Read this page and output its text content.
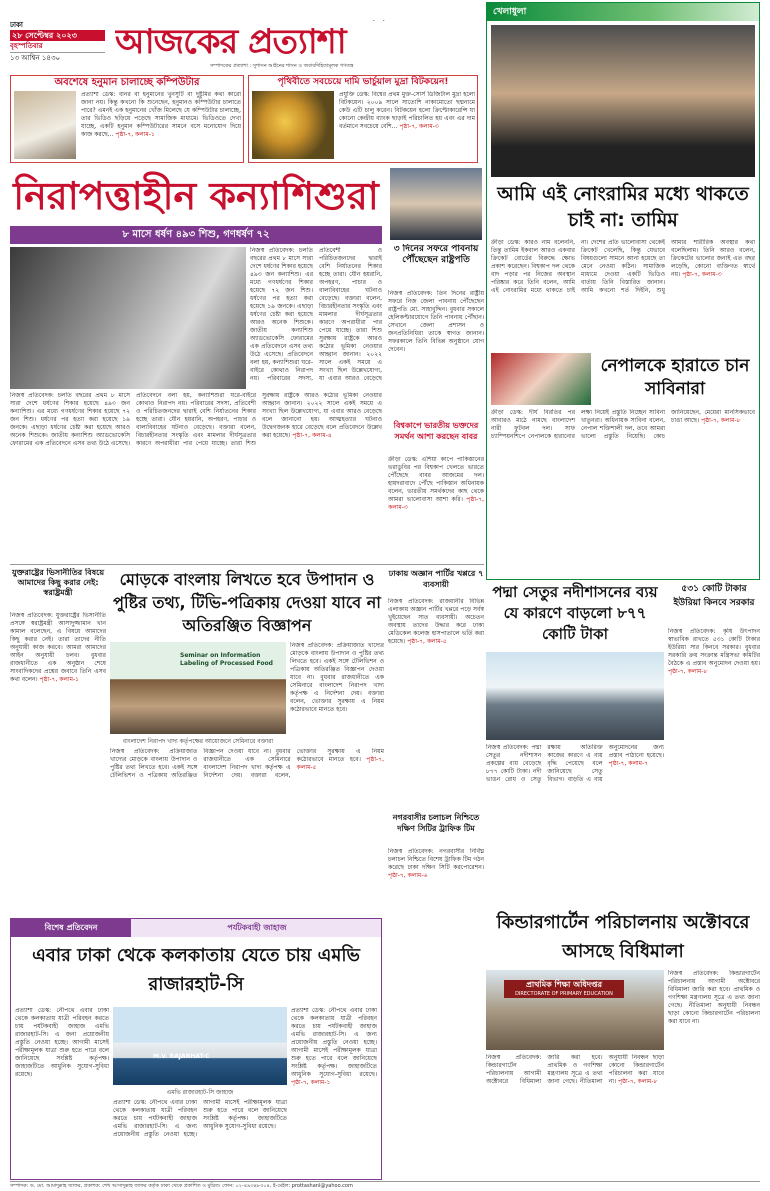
ঢাকা
২৮ সেপ্টেম্বর ২০২৩
বৃহস্পতিবার
১৩ আশ্বিন ১৪৩০	আজকের প্রত্যাশা
সম্পাদকের প্রত্যাশা : সুশাসন আইনের শাসন ও জবাবদিহিতামূলক গণতন্ত্র
অবশেষে হনুমান চালাচ্ছে কম্পিউটার
প্রত্যাশা ডেস্ক: বানর বা হনুমানের খুনসুটি বা দুষ্টুমির কথা কারো জানা নয়। কিন্তু কখনো কি শুনেছেন, হনুমানও কম্পিউটার চালাতে পারে? এমনই এক হনুমানের খোঁজ মিলেছে যে কম্পিউটার চালাচ্ছে, তার ভিডিও ছড়িয়ে পড়েছে সামাজিক মাধ্যমে। ভিডিওতে দেখা যাচ্ছে, একটি হনুমান কম্পিউটারের সামনে বসে মনোযোগ দিয়ে কাজ করছে... পৃষ্ঠা-৭, কলাম-১
পৃথিবীতে সবচেয়ে দামি ভার্চুয়াল মুদ্রা বিটকয়েন!
প্রযুক্তি ডেস্ক: বিশ্বের প্রথম মুক্ত-সোর্স ডিজিটাল মুদ্রা হলো বিটকয়েন। ২০০৯ সালে সাতোশি নাকামোতো ছদ্মনামে কেউ এটি চালু করেন। বিটকয়েন হলো ক্রিপ্টোকারেন্সি যা কোনো কেন্দ্রীয় ব্যাংক ছাড়াই পরিচালিত হয় এবং এর দাম বর্তমানে সবচেয়ে বেশি... পৃষ্ঠা-৭, কলাম-৩
নিরাপত্তাহীন কন্যাশিশুরা
৮ মাসে ধর্ষণ ৪৯৩ শিশু, গণধর্ষণ ৭২
নিজস্ব প্রতিবেদক: চলতি বছরের প্রথম ৮ মাসে সারা দেশে ধর্ষণের শিকার হয়েছে ৪৯৩ জন কন্যাশিশু। এর মধ্যে গণধর্ষণের শিকার হয়েছে ৭২ জন শিশু। ধর্ষণের পর হত্যা করা হয়েছে ১৯ জনকে। এছাড়া ধর্ষণের চেষ্টা করা হয়েছে আরও অনেক শিশুকে। জাতীয় কন্যাশিশু অ্যাডভোকেসি ফোরামের এক প্রতিবেদনে এসব তথ্য উঠে এসেছে। প্রতিবেদনে বলা হয়, কন্যাশিশুরা ঘরে-বাইরে কোথাও নিরাপদ নয়। পরিবারের সদস্য, প্রতিবেশী ও পরিচিতজনদের দ্বারাই বেশি নির্যাতনের শিকার হচ্ছে তারা। যৌন হয়রানি, অপহরণ, পাচার ও বাল্যবিবাহের ঘটনাও বেড়েছে। বক্তারা বলেন, বিচারহীনতার সংস্কৃতি এবং মামলার দীর্ঘসূত্রতার কারণে অপরাধীরা পার পেয়ে যাচ্ছে। তারা শিশু সুরক্ষায় রাষ্ট্রকে আরও কঠোর ভূমিকা নেওয়ার আহ্বান জানান। ২০২২ সালে একই সময়ে এ সংখ্যা ছিল উল্লেখযোগ্য, যা এবার আরও বেড়েছে বলে জানানো হয়। আত্মহত্যার ঘটনাও উদ্বেগজনক হারে বেড়েছে বলে প্রতিবেদনে উল্লেখ করা হয়েছে। পৃষ্ঠা-৭, কলাম-৪
নিজস্ব প্রতিবেদক: চলতি বছরের প্রথম ৮ মাসে সারা দেশে ধর্ষণের শিকার হয়েছে ৪৯৩ জন কন্যাশিশু। এর মধ্যে গণধর্ষণের শিকার হয়েছে ৭২ জন শিশু। ধর্ষণের পর হত্যা করা হয়েছে ১৯ জনকে। এছাড়া ধর্ষণের চেষ্টা করা হয়েছে আরও অনেক শিশুকে। জাতীয় কন্যাশিশু অ্যাডভোকেসি ফোরামের এক প্রতিবেদনে এসব তথ্য উঠে এসেছে। প্রতিবেদনে বলা হয়, কন্যাশিশুরা ঘরে-বাইরে কোথাও নিরাপদ নয়। পরিবারের সদস্য, প্রতিবেশী ও পরিচিতজনদের দ্বারাই বেশি নির্যাতনের শিকার হচ্ছে তারা। যৌন হয়রানি, অপহরণ, পাচার ও বাল্যবিবাহের ঘটনাও বেড়েছে। বক্তারা বলেন, বিচারহীনতার সংস্কৃতি এবং মামলার দীর্ঘসূত্রতার কারণে অপরাধীরা পার পেয়ে যাচ্ছে। তারা শিশু সুরক্ষায় রাষ্ট্রকে আরও কঠোর ভূমিকা নেওয়ার আহ্বান জানান। ২০২২ সালে একই সময়ে এ সংখ্যা ছিল উল্লেখযোগ্য, যা এবার আরও বেড়েছে
৩ দিনের সফরে পাবনায় পৌঁছেছেন রাষ্ট্রপতি
নিজস্ব প্রতিবেদক: তিন দিনের রাষ্ট্রীয় সফরে নিজ জেলা পাবনায় পৌঁছেছেন রাষ্ট্রপতি মো. সাহাবুদ্দিন। বুধবার সকালে হেলিকপ্টারযোগে তিনি পাবনায় পৌঁছান। সেখানে জেলা প্রশাসন ও জনপ্রতিনিধিরা তাকে স্বাগত জানান। সফরকালে তিনি বিভিন্ন অনুষ্ঠানে যোগ দেবেন।
বিশ্বকাপে ভারতীয় ভক্তদের সমর্থন আশা করছেন বাবর
ক্রীড়া ডেস্ক: এশিয়া কাপে পাকিস্তানের ভরাডুবির পর বিশ্বকাপ খেলতে ভারতে পৌঁছেছে বাবর আজমের দল। হায়দরাবাদে পৌঁছে পাকিস্তান অধিনায়ক বলেন, ভারতীয় সমর্থকদের কাছ থেকে আমরা ভালোবাসা আশা করি। পৃষ্ঠা-৭, কলাম-৩
খেলাধুলা
আমি এই নোংরামির মধ্যে থাকতে চাই না: তামিম
ক্রীড়া ডেস্ক: কারও নাম বলেননি, তিন্তু তামিম ইকবাল আরও একবার ক্রিকেট বোর্ডের বিরুদ্ধে ক্ষোভ প্রকাশ করেছেন। বিশ্বকাপ দল থেকে বাদ পড়ার পর নিজের অবস্থান পরিষ্কার করে তিনি বলেন, আমি এই নোংরামির মধ্যে থাকতে চাই না। দেশের প্রতি ভালোবাসা থেকেই ক্রিকেট খেলেছি, কিন্তু যেভাবে বিষয়গুলো সামনে আনা হয়েছে তা মেনে নেওয়া কঠিন। সামাজিক মাধ্যমে দেওয়া একটি ভিডিও বার্তায় তিনি বিস্তারিত জানান। আমি কখনো শর্ত দিইনি, শুধু আমার শারীরিক অবস্থার কথা বলেছিলাম। তিনি আরও বলেন, ক্রিকেটের ভালোর জন্যই এত বছর লড়েছি, কোনো ব্যক্তিগত স্বার্থে নয়। পৃষ্ঠা-৭, কলাম-৩
নেপালকে হারাতে চান সাবিনারা
ক্রীড়া ডেস্ক: দীর্ঘ বিরতির পর আবারও মাঠে নামছে বাংলাদেশ নারী ফুটবল দল। সাফ চ্যাম্পিয়নশিপে নেপালকে হারানোর লক্ষ্য নিয়েই প্রস্তুতি নিচ্ছেন সাবিনা খাতুনরা। অধিনায়ক সাবিনা বলেন, নেপাল শক্তিশালী দল, তবে আমরা ভালো প্রস্তুতি নিয়েছি। কোচ জানিয়েছেন, মেয়েরা মানসিকভাবে চাঙা আছে। পৃষ্ঠা-৭, কলাম-৮
যুক্তরাষ্ট্রের ভিসানীতির বিষয়ে আমাদের কিছু করার নেই: স্বরাষ্ট্রমন্ত্রী
নিজস্ব প্রতিবেদক: যুক্তরাষ্ট্রের ভিসানীতি প্রসঙ্গে স্বরাষ্ট্রমন্ত্রী আসাদুজ্জামান খান কামাল বলেছেন, এ বিষয়ে আমাদের কিছু করার নেই। তারা তাদের নীতি অনুযায়ী কাজ করবে। আমরা আমাদের আইন অনুযায়ী চলব। বুধবার রাজধানীতে এক অনুষ্ঠান শেষে সাংবাদিকদের প্রশ্নের জবাবে তিনি এসব কথা বলেন। পৃষ্ঠা-৭, কলাম-১
মোড়কে বাংলায় লিখতে হবে উপাদান ও পুষ্টির তথ্য, টিভি-পত্রিকায় দেওয়া যাবে না অতিরঞ্জিত বিজ্ঞাপন
Seminar on Information Labeling of Processed Food
বাংলাদেশ নিরাপদ খাদ্য কর্তৃপক্ষের আয়োজনে সেমিনারে বক্তারা
নিজস্ব প্রতিবেদক: প্রক্রিয়াজাত খাদ্যের মোড়কে বাংলায় উপাদান ও পুষ্টির তথ্য লিখতে হবে। একই সঙ্গে টেলিভিশন ও পত্রিকায় অতিরঞ্জিত বিজ্ঞাপন দেওয়া যাবে না। বুধবার রাজধানীতে এক সেমিনারে বাংলাদেশ নিরাপদ খাদ্য কর্তৃপক্ষ এ নির্দেশনা দেয়। বক্তারা বলেন, ভোক্তার সুরক্ষায় এ নিয়ম কঠোরভাবে মানতে হবে।
নিজস্ব প্রতিবেদক: প্রক্রিয়াজাত খাদ্যের মোড়কে বাংলায় উপাদান ও পুষ্টির তথ্য লিখতে হবে। একই সঙ্গে টেলিভিশন ও পত্রিকায় অতিরঞ্জিত বিজ্ঞাপন দেওয়া যাবে না। বুধবার রাজধানীতে এক সেমিনারে বাংলাদেশ নিরাপদ খাদ্য কর্তৃপক্ষ এ নির্দেশনা দেয়। বক্তারা বলেন, ভোক্তার সুরক্ষায় এ নিয়ম কঠোরভাবে মানতে হবে। পৃষ্ঠা-৭, কলাম-৫
ঢাকায় অজ্ঞান পার্টির খপ্পরে ৭ ব্যবসায়ী
নিজস্ব প্রতিবেদক: রাজধানীর বিভিন্ন এলাকায় অজ্ঞান পার্টির খপ্পরে পড়ে সর্বস্ব খুইয়েছেন সাত ব্যবসায়ী। অচেতন অবস্থায় তাদের উদ্ধার করে ঢাকা মেডিকেল কলেজ হাসপাতালে ভর্তি করা হয়েছে। পৃষ্ঠা-৭, কলাম-৫
নগরবাসীর চলাচল নিশ্চিতে দক্ষিণ সিটির ট্রাফিক টিম
নিজস্ব প্রতিবেদক: নগরবাসীর নির্বিঘ্ন চলাচল নিশ্চিতে বিশেষ ট্রাফিক টিম গঠন করেছে ঢাকা দক্ষিণ সিটি করপোরেশন। পৃষ্ঠা-৭, কলাম-৬
পদ্মা সেতুর নদীশাসনের ব্যয় যে কারণে বাড়লো ৮৭৭ কোটি টাকা
নিজস্ব প্রতিবেদক: পদ্মা সেতুর নদীশাসন প্রকল্পের ব্যয় বেড়েছে ৮৭৭ কোটি টাকা। নদী ভাঙন রোধ ও সেতু রক্ষায় অতিরিক্ত কাজের কারণে এ ব্যয় বৃদ্ধি পেয়েছে বলে জানিয়েছে সেতু বিভাগ। বাড়তি এ ব্যয় অনুমোদনের জন্য প্রস্তাব পাঠানো হয়েছে। পৃষ্ঠা-৭, কলাম-৭
৫৩১ কোটি টাকার ইউরিয়া কিনবে সরকার
নিজস্ব প্রতিবেদক: কৃষি উৎপাদন স্বাভাবিক রাখতে ৫৩১ কোটি টাকার ইউরিয়া সার কিনবে সরকার। বুধবার সরকারি ক্রয় সংক্রান্ত মন্ত্রিসভা কমিটির বৈঠকে এ প্রস্তাব অনুমোদন দেওয়া হয়। পৃষ্ঠা-৭, কলাম-৮
বিশেষ প্রতিবেদন	পর্যটকবাহী জাহাজ
এবার ঢাকা থেকে কলকাতায় যেতে চায় এমভি রাজারহাট-সি
প্রত্যাশা ডেস্ক: নৌপথে এবার ঢাকা থেকে কলকাতায় যাত্রী পরিবহন করতে চায় পর্যটকবাহী জাহাজ এমভি রাজারহাট-সি। এ জন্য প্রয়োজনীয় প্রস্তুতি নেওয়া হচ্ছে। আগামী মাসেই পরীক্ষামূলক যাত্রা শুরু হতে পারে বলে জানিয়েছে সংশ্লিষ্ট কর্তৃপক্ষ। জাহাজটিতে আধুনিক সুযোগ-সুবিধা রয়েছে।
M.V. RAJARHAT-C
এমভি রাজারহাট-সি জাহাজ
প্রত্যাশা ডেস্ক: নৌপথে এবার ঢাকা থেকে কলকাতায় যাত্রী পরিবহন করতে চায় পর্যটকবাহী জাহাজ এমভি রাজারহাট-সি। এ জন্য প্রয়োজনীয় প্রস্তুতি নেওয়া হচ্ছে। আগামী মাসেই পরীক্ষামূলক যাত্রা শুরু হতে পারে বলে জানিয়েছে সংশ্লিষ্ট কর্তৃপক্ষ। জাহাজটিতে আধুনিক সুযোগ-সুবিধা রয়েছে।
প্রত্যাশা ডেস্ক: নৌপথে এবার ঢাকা থেকে কলকাতায় যাত্রী পরিবহন করতে চায় পর্যটকবাহী জাহাজ এমভি রাজারহাট-সি। এ জন্য প্রয়োজনীয় প্রস্তুতি নেওয়া হচ্ছে। আগামী মাসেই পরীক্ষামূলক যাত্রা শুরু হতে পারে বলে জানিয়েছে সংশ্লিষ্ট কর্তৃপক্ষ। জাহাজটিতে আধুনিক সুযোগ-সুবিধা রয়েছে। পৃষ্ঠা-৭, কলাম-১
কিন্ডারগার্টেন পরিচালনায় অক্টোবরে আসছে বিধিমালা
প্রাথমিক শিক্ষা অধিদপ্তর
DIRECTORATE OF PRIMARY EDUCATION
নিজস্ব প্রতিবেদক: কিন্ডারগার্টেন পরিচালনায় আগামী অক্টোবরে বিধিমালা জারি করা হবে। প্রাথমিক ও গণশিক্ষা মন্ত্রণালয় সূত্রে এ তথ্য জানা গেছে। নীতিমালা অনুযায়ী নিবন্ধন ছাড়া কোনো কিন্ডারগার্টেন পরিচালনা করা যাবে না।
নিজস্ব প্রতিবেদক: কিন্ডারগার্টেন পরিচালনায় আগামী অক্টোবরে বিধিমালা জারি করা হবে। প্রাথমিক ও গণশিক্ষা মন্ত্রণালয় সূত্রে এ তথ্য জানা গেছে। নীতিমালা অনুযায়ী নিবন্ধন ছাড়া কোনো কিন্ডারগার্টেন পরিচালনা করা যাবে না। পৃষ্ঠা-৭, কলাম-৮
সম্পাদক: ড. মো. আমাদুল্লাহ জাফর, প্রকাশক: শেখ আসাদুল্লাহ জাফর কর্তৃক ঢাকা থেকে প্রকাশিত ও মুদ্রিত। ফোন: ০২-৪৯৩৪৮৩০৪, ই-মেইল: prottashanl@yahoo.com
